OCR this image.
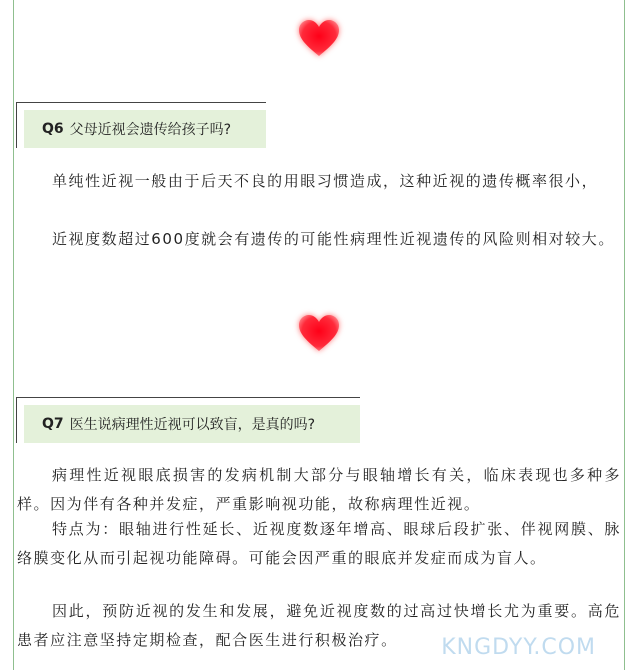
Q6 父母近视会遗传给孩子吗?

单纯性近视一般由于后天不良的用眼习惯造成，这种近视的遗传概率很小，

近视度数超过600度就会有遗传的可能性病理性近视遗传的风险则相对较大。

Q7 医生说病理性近视可以致盲，是真的吗?

病理性近视眼底损害的发病机制大部分与眼轴增长有关，临床表现也多种多样。因为伴有各种并发症，严重影响视功能，故称病理性近视。

特点为：眼轴进行性延长、近视度数逐年增高、眼球后段扩张、伴视网膜、脉络膜变化从而引起视功能障碍。可能会因严重的眼底并发症而成为盲人。

因此，预防近视的发生和发展，避免近视度数的过高过快增长尤为重要。高危患者应注意坚持定期检查，配合医生进行积极治疗。	KNGDYY.COM
